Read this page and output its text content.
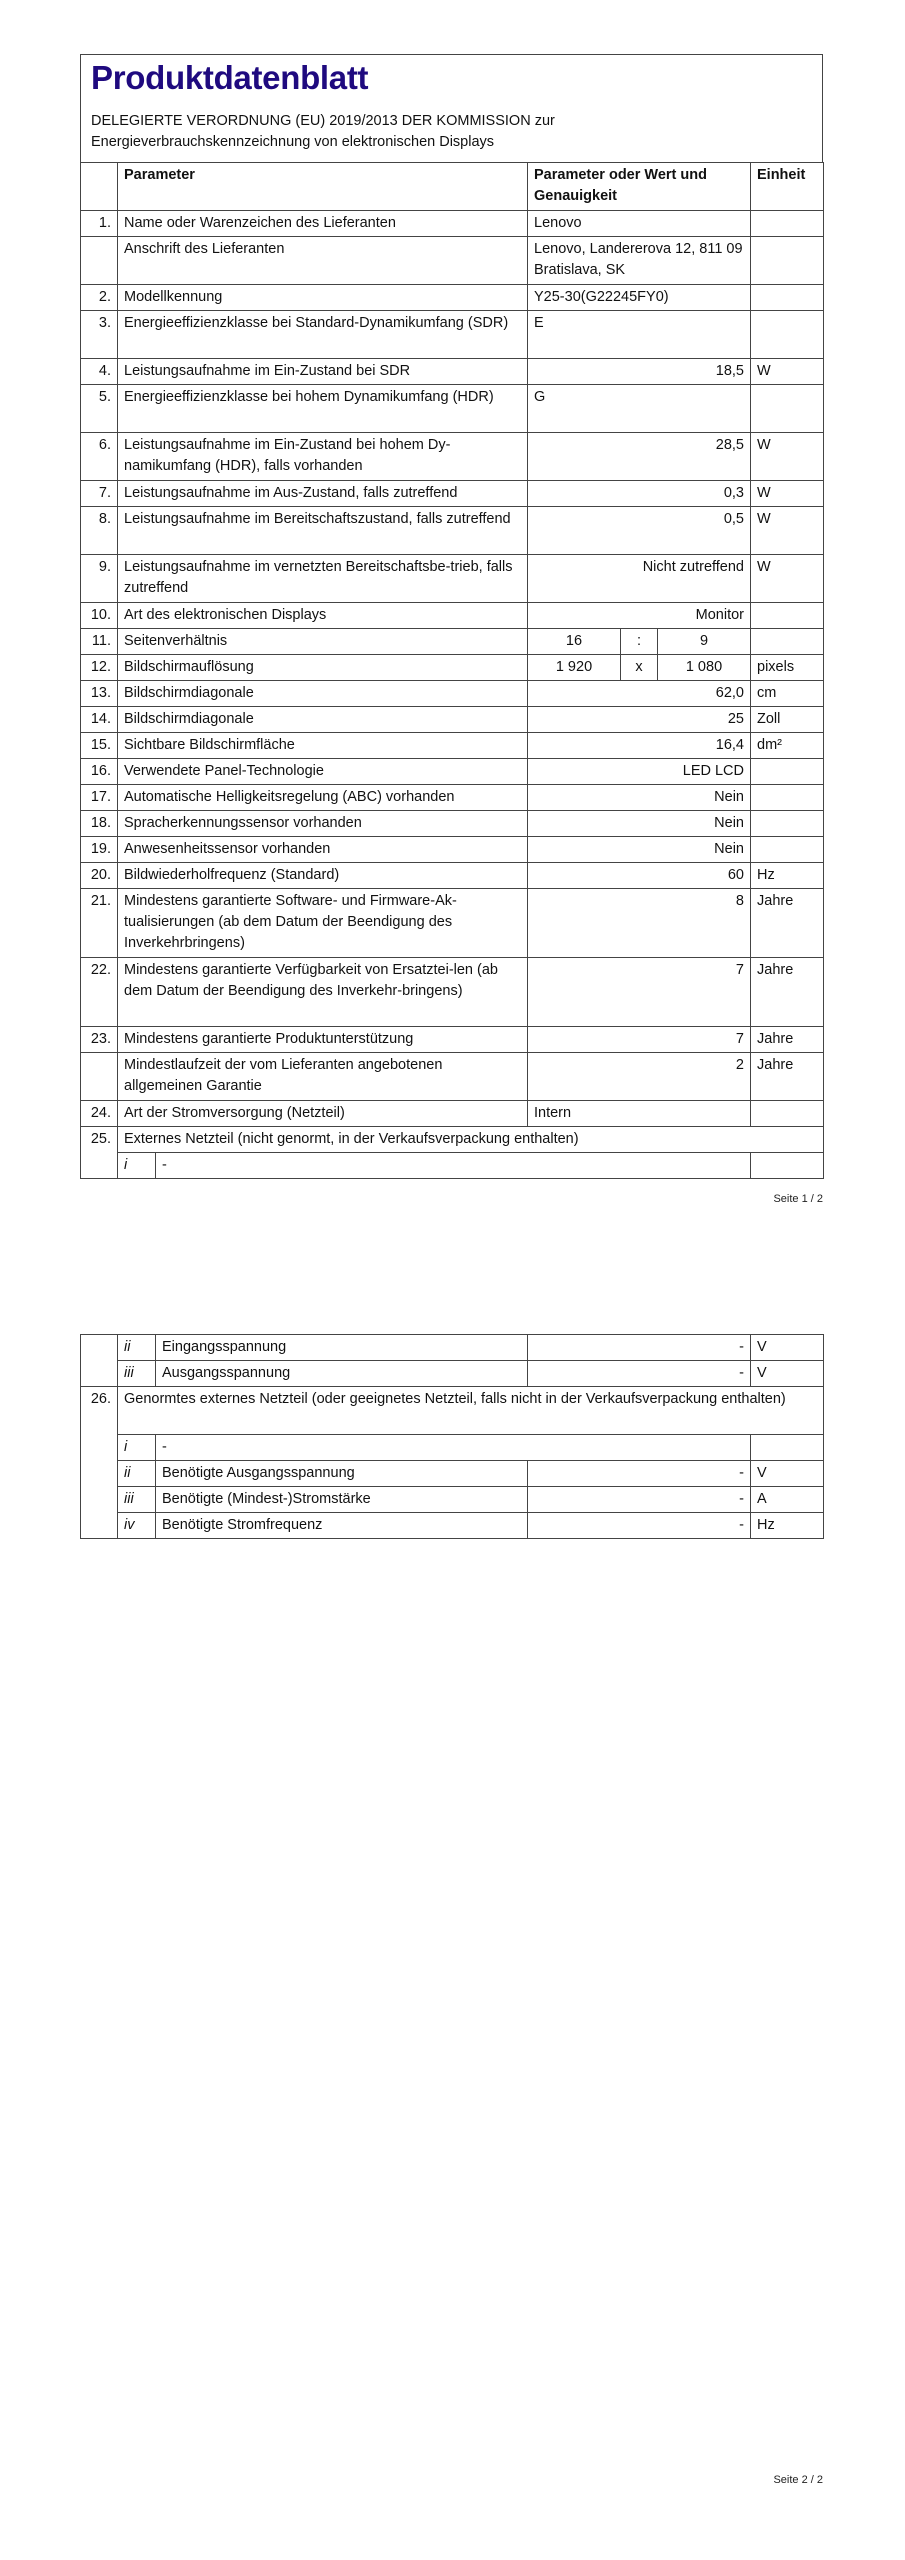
Produktdatenblatt
DELEGIERTE VERORDNUNG (EU) 2019/2013 DER KOMMISSION zur
Energieverbrauchskennzeichnung von elektronischen Displays
	Parameter		Parameter oder Wert und Genauigkeit			Einheit
1.	Name oder Warenzeichen des Lieferanten		Lenovo			
	Anschrift des Lieferanten		Lenovo, Landererova 12, 811 09 Bratislava, SK			
2.	Modellkennung		Y25-30(G22245FY0)			
3.	Energieeffizienzklasse bei Standard-Dynamikumfang (SDR)		E			
4.	Leistungsaufnahme im Ein-Zustand bei SDR		18,5			W
5.	Energieeffizienzklasse bei hohem Dynamikumfang (HDR)		G			
6.	Leistungsaufnahme im Ein-Zustand bei hohem Dy-namikumfang (HDR), falls vorhanden		28,5			W
7.	Leistungsaufnahme im Aus-Zustand, falls zutreffend		0,3			W
8.	Leistungsaufnahme im Bereitschaftszustand, falls zutreffend		0,5			W
9.	Leistungsaufnahme im vernetzten Bereitschaftsbe-trieb, falls zutreffend		Nicht zutreffend			W
10.	Art des elektronischen Displays		Monitor			
11.	Seitenverhältnis		16	:	9	
12.	Bildschirmauflösung		1 920	x	1 080	pixels
13.	Bildschirmdiagonale		62,0			cm
14.	Bildschirmdiagonale		25			Zoll
15.	Sichtbare Bildschirmfläche		16,4			dm²
16.	Verwendete Panel-Technologie		LED LCD			
17.	Automatische Helligkeitsregelung (ABC) vorhanden		Nein			
18.	Spracherkennungssensor vorhanden		Nein			
19.	Anwesenheitssensor vorhanden		Nein			
20.	Bildwiederholfrequenz (Standard)		60			Hz
21.	Mindestens garantierte Software- und Firmware-Ak-tualisierungen (ab dem Datum der Beendigung des Inverkehrbringens)		8			Jahre
22.	Mindestens garantierte Verfügbarkeit von Ersatztei-len (ab dem Datum der Beendigung des Inverkehr-bringens)		7			Jahre
23.	Mindestens garantierte Produktunterstützung		7			Jahre
	Mindestlaufzeit der vom Lieferanten angebotenen allgemeinen Garantie		2			Jahre
24.	Art der Stromversorgung (Netzteil)		Intern			
25.	Externes Netzteil (nicht genormt, in der Verkaufsverpackung enthalten)					
	i	-				
Seite 1 / 2
	ii	Eingangsspannung	-	V
	iii	Ausgangsspannung	-	V
26.	Genormtes externes Netzteil (oder geeignetes Netzteil, falls nicht in der Verkaufsverpackung enthalten)			
	i	-		
	ii	Benötigte Ausgangsspannung	-	V
	iii	Benötigte (Mindest-)Stromstärke	-	A
	iv	Benötigte Stromfrequenz	-	Hz
Seite 2 / 2
